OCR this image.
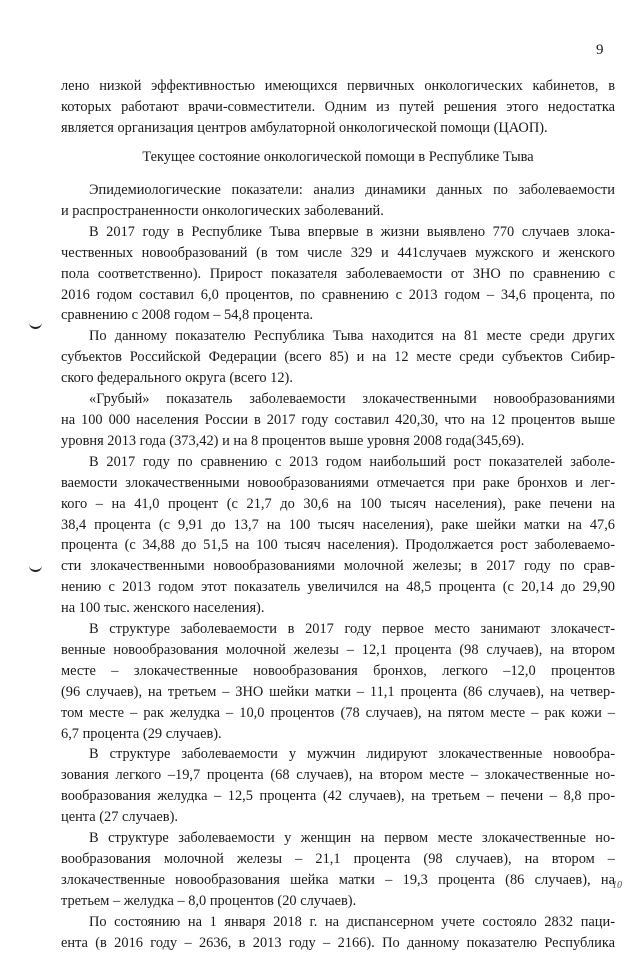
9
лено низкой эффективностью имеющихся первичных онкологических кабинетов, в
которых работают врачи-совместители. Одним из путей решения этого недостатка
является организация центров амбулаторной онкологической помощи (ЦАОП).
Текущее состояние онкологической помощи в Республике Тыва
Эпидемиологические показатели: анализ динамики данных по заболеваемости
и распространенности онкологических заболеваний.
В 2017 году в Республике Тыва впервые в жизни выявлено 770 случаев злока-
чественных новообразований (в том числе 329 и 441случаев мужского и женского
пола соответственно). Прирост показателя заболеваемости от ЗНО по сравнению с
2016 годом составил 6,0 процентов, по сравнению с 2013 годом – 34,6 процента, по
сравнению с 2008 годом – 54,8 процента.
По данному показателю Республика Тыва находится на 81 месте среди других
субъектов Российской Федерации (всего 85) и на 12 месте среди субъектов Сибир-
ского федерального округа (всего 12).
«Грубый» показатель заболеваемости злокачественными новообразованиями
на 100 000 населения России в 2017 году составил 420,30, что на 12 процентов выше
уровня 2013 года (373,42) и на 8 процентов выше уровня 2008 года(345,69).
В 2017 году по сравнению с 2013 годом наибольший рост показателей заболе-
ваемости злокачественными новообразованиями отмечается при раке бронхов и лег-
кого – на 41,0 процент (с 21,7 до 30,6 на 100 тысяч населения), раке печени на
38,4 процента (с 9,91 до 13,7 на 100 тысяч населения), раке шейки матки на 47,6
процента (с 34,88 до 51,5 на 100 тысяч населения). Продолжается рост заболеваемо-
сти злокачественными новообразованиями молочной железы; в 2017 году по срав-
нению с 2013 годом этот показатель увеличился на 48,5 процента (с 20,14 до 29,90
на 100 тыс. женского населения).
В структуре заболеваемости в 2017 году первое место занимают злокачест-
венные новообразования молочной железы – 12,1 процента (98 случаев), на втором
месте – злокачественные новообразования бронхов, легкого –12,0 процентов
(96 случаев), на третьем – ЗНО шейки матки – 11,1 процента (86 случаев), на четвер-
том месте – рак желудка – 10,0 процентов (78 случаев), на пятом месте – рак кожи –
6,7 процента (29 случаев).
В структуре заболеваемости у мужчин лидируют злокачественные новообра-
зования легкого –19,7 процента (68 случаев), на втором месте – злокачественные но-
вообразования желудка – 12,5 процента (42 случаев), на третьем – печени – 8,8 про-
цента (27 случаев).
В структуре заболеваемости у женщин на первом месте злокачественные но-
вообразования молочной железы – 21,1 процента (98 случаев), на втором –
злокачественные новообразования шейка матки – 19,3 процента (86 случаев), на
третьем – желудка – 8,0 процентов (20 случаев).
По состоянию на 1 января 2018 г. на диспансерном учете состояло 2832 паци-
ента (в 2016 году – 2636, в 2013 году – 2166). По данному показателю Республика
10
